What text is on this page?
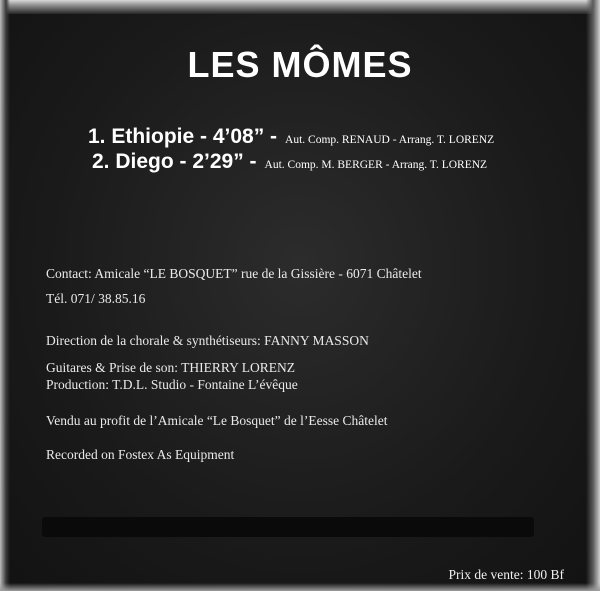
LES MÔMES
1. Ethiopie - 4’08” - Aut. Comp. RENAUD - Arrang. T. LORENZ
2. Diego - 2’29” - Aut. Comp. M. BERGER - Arrang. T. LORENZ
Contact: Amicale “LE BOSQUET” rue de la Gissière - 6071 Châtelet
Tél. 071/ 38.85.16
Direction de la chorale & synthétiseurs: FANNY MASSON
Guitares & Prise de son: THIERRY LORENZ
Production: T.D.L. Studio - Fontaine L’évêque
Vendu au profit de l’Amicale “Le Bosquet” de l’Eesse Châtelet
Recorded on Fostex As Equipment
Prix de vente: 100 Bf
